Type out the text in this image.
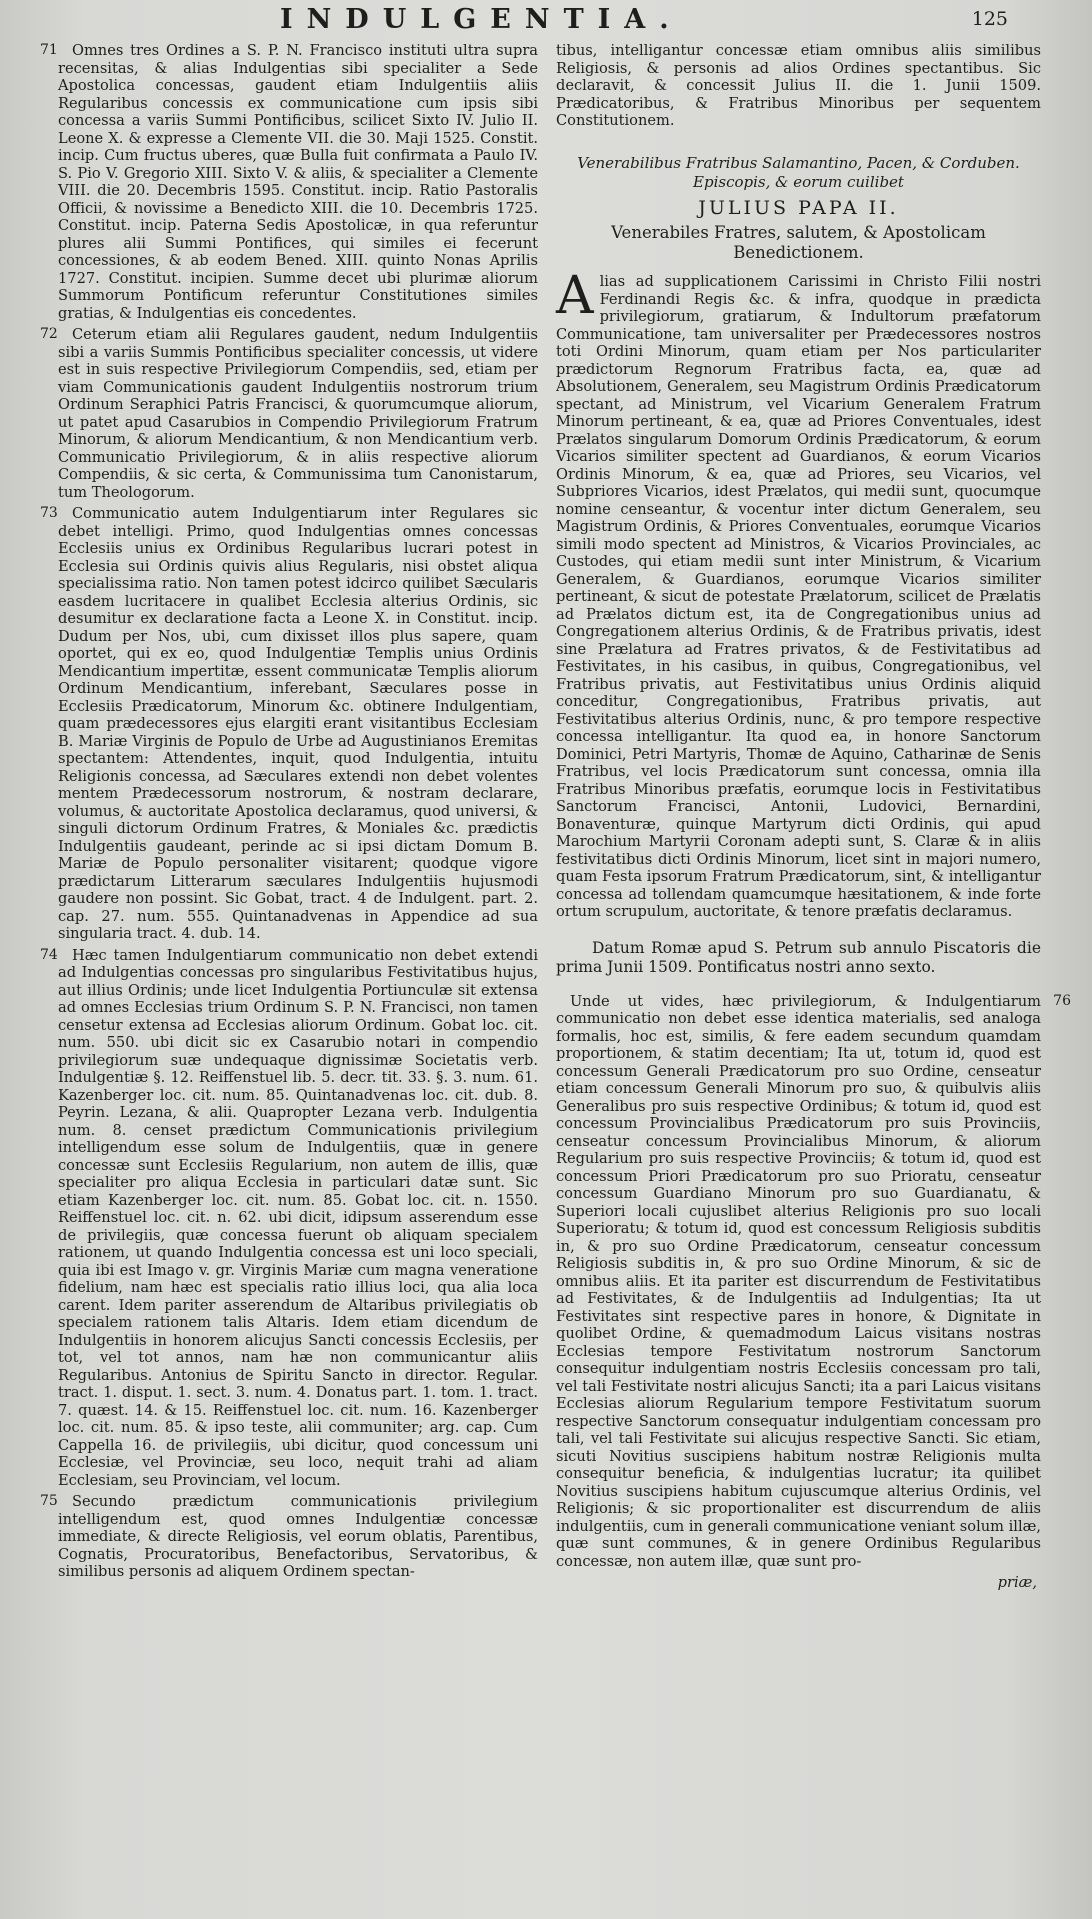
INDULGENTIA.	125

71 Omnes tres Ordines a S. P. N. Francisco instituti ultra supra recensitas, & alias Indulgentias sibi specialiter a Sede Apostolica concessas, gaudent etiam Indulgentiis aliis Regularibus concessis ex communicatione cum ipsis sibi concessa a variis Summi Pontificibus, scilicet Sixto IV. Julio II. Leone X. & expresse a Clemente VII. die 30. Maji 1525. Constit. incip. Cum fructus uberes, quæ Bulla fuit confirmata a Paulo IV. S. Pio V. Gregorio XIII. Sixto V. & aliis, & specialiter a Clemente VIII. die 20. Decembris 1595. Constitut. incip. Ratio Pastoralis Officii, & novissime a Benedicto XIII. die 10. Decembris 1725. Constitut. incip. Paterna Sedis Apostolicæ, in qua referuntur plures alii Summi Pontifices, qui similes ei fecerunt concessiones, & ab eodem Bened. XIII. quinto Nonas Aprilis 1727. Constitut. incipien. Summe decet ubi plurimæ aliorum Summorum Pontificum referuntur Constitutiones similes gratias, & Indulgentias eis concedentes.

72 Ceterum etiam alii Regulares gaudent, nedum Indulgentiis sibi a variis Summis Pontificibus specialiter concessis, ut videre est in suis respective Privilegiorum Compendiis, sed, etiam per viam Communicationis gaudent Indulgentiis nostrorum trium Ordinum Seraphici Patris Francisci, & quorumcumque aliorum, ut patet apud Casarubios in Compendio Privilegiorum Fratrum Minorum, & aliorum Mendicantium, & non Mendicantium verb. Communicatio Privilegiorum, & in aliis respective aliorum Compendiis, & sic certa, & Communissima tum Canonistarum, tum Theologorum.

73 Communicatio autem Indulgentiarum inter Regulares sic debet intelligi. Primo, quod Indulgentias omnes concessas Ecclesiis unius ex Ordinibus Regularibus lucrari potest in Ecclesia sui Ordinis quivis alius Regularis, nisi obstet aliqua specialissima ratio. Non tamen potest idcirco quilibet Sæcularis easdem lucritacere in qualibet Ecclesia alterius Ordinis, sic desumitur ex declaratione facta a Leone X. in Constitut. incip. Dudum per Nos, ubi, cum dixisset illos plus sapere, quam oportet, qui ex eo, quod Indulgentiæ Templis unius Ordinis Mendicantium impertitæ, essent communicatæ Templis aliorum Ordinum Mendicantium, inferebant, Sæculares posse in Ecclesiis Prædicatorum, Minorum &c. obtinere Indulgentiam, quam prædecessores ejus elargiti erant visitantibus Ecclesiam B. Mariæ Virginis de Populo de Urbe ad Augustinianos Eremitas spectantem: Attendentes, inquit, quod Indulgentia, intuitu Religionis concessa, ad Sæculares extendi non debet volentes mentem Prædecessorum nostrorum, & nostram declarare, volumus, & auctoritate Apostolica declaramus, quod universi, & singuli dictorum Ordinum Fratres, & Moniales &c. prædictis Indulgentiis gaudeant, perinde ac si ipsi dictam Domum B. Mariæ de Populo personaliter visitarent; quodque vigore prædictarum Litterarum sæculares Indulgentiis hujusmodi gaudere non possint. Sic Gobat, tract. 4 de Indulgent. part. 2. cap. 27. num. 555. Quintanadvenas in Appendice ad sua singularia tract. 4. dub. 14.

74 Hæc tamen Indulgentiarum communicatio non debet extendi ad Indulgentias concessas pro singularibus Festivitatibus hujus, aut illius Ordinis; unde licet Indulgentia Portiunculæ sit extensa ad omnes Ecclesias trium Ordinum S. P. N. Francisci, non tamen censetur extensa ad Ecclesias aliorum Ordinum. Gobat loc. cit. num. 550. ubi dicit sic ex Casarubio notari in compendio privilegiorum suæ undequaque dignissimæ Societatis verb. Indulgentiæ §. 12. Reiffenstuel lib. 5. decr. tit. 33. §. 3. num. 61. Kazenberger loc. cit. num. 85. Quintanadvenas loc. cit. dub. 8. Peyrin. Lezana, & alii. Quapropter Lezana verb. Indulgentia num. 8. censet prædictum Communicationis privilegium intelligendum esse solum de Indulgentiis, quæ in genere concessæ sunt Ecclesiis Regularium, non autem de illis, quæ specialiter pro aliqua Ecclesia in particulari datæ sunt. Sic etiam Kazenberger loc. cit. num. 85. Gobat loc. cit. n. 1550. Reiffenstuel loc. cit. n. 62. ubi dicit, idipsum asserendum esse de privilegiis, quæ concessa fuerunt ob aliquam specialem rationem, ut quando Indulgentia concessa est uni loco speciali, quia ibi est Imago v. gr. Virginis Mariæ cum magna veneratione fidelium, nam hæc est specialis ratio illius loci, qua alia loca carent. Idem pariter asserendum de Altaribus privilegiatis ob specialem rationem talis Altaris. Idem etiam dicendum de Indulgentiis in honorem alicujus Sancti concessis Ecclesiis, per tot, vel tot annos, nam hæ non communicantur aliis Regularibus. Antonius de Spiritu Sancto in director. Regular. tract. 1. disput. 1. sect. 3. num. 4. Donatus part. 1. tom. 1. tract. 7. quæst. 14. & 15. Reiffenstuel loc. cit. num. 16. Kazenberger loc. cit. num. 85. & ipso teste, alii communiter; arg. cap. Cum Cappella 16. de privilegiis, ubi dicitur, quod concessum uni Ecclesiæ, vel Provinciæ, seu loco, nequit trahi ad aliam Ecclesiam, seu Provinciam, vel locum.

75 Secundo prædictum communicationis privilegium intelligendum est, quod omnes Indulgentiæ concessæ immediate, & directe Religiosis, vel eorum oblatis, Parentibus, Cognatis, Procuratoribus, Benefactoribus, Servatoribus, & similibus personis ad aliquem Ordinem spectan-

tibus, intelligantur concessæ etiam omnibus aliis similibus Religiosis, & personis ad alios Ordines spectantibus. Sic declaravit, & concessit Julius II. die 1. Junii 1509. Prædicatoribus, & Fratribus Minoribus per sequentem Constitutionem.

Venerabilibus Fratribus Salamantino, Pacen, & Corduben. Episcopis, & eorum cuilibet
JULIUS PAPA II.
Venerabiles Fratres, salutem, & Apostolicam Benedictionem.

A lias ad supplicationem Carissimi in Christo Filii nostri Ferdinandi Regis &c. & infra, quodque in prædicta privilegiorum, gratiarum, & Indultorum præfatorum Communicatione, tam universaliter per Prædecessores nostros toti Ordini Minorum, quam etiam per Nos particulariter prædictorum Regnorum Fratribus facta, ea, quæ ad Absolutionem, Generalem, seu Magistrum Ordinis Prædicatorum spectant, ad Ministrum, vel Vicarium Generalem Fratrum Minorum pertineant, & ea, quæ ad Priores Conventuales, idest Prælatos singularum Domorum Ordinis Prædicatorum, & eorum Vicarios similiter spectent ad Guardianos, & eorum Vicarios Ordinis Minorum, & ea, quæ ad Priores, seu Vicarios, vel Subpriores Vicarios, idest Prælatos, qui medii sunt, quocumque nomine censeantur, & vocentur inter dictum Generalem, seu Magistrum Ordinis, & Priores Conventuales, eorumque Vicarios simili modo spectent ad Ministros, & Vicarios Provinciales, ac Custodes, qui etiam medii sunt inter Ministrum, & Vicarium Generalem, & Guardianos, eorumque Vicarios similiter pertineant, & sicut de potestate Prælatorum, scilicet de Prælatis ad Prælatos dictum est, ita de Congregationibus unius ad Congregationem alterius Ordinis, & de Fratribus privatis, idest sine Prælatura ad Fratres privatos, & de Festivitatibus ad Festivitates, in his casibus, in quibus, Congregationibus, vel Fratribus privatis, aut Festivitatibus unius Ordinis aliquid conceditur, Congregationibus, Fratribus privatis, aut Festivitatibus alterius Ordinis, nunc, & pro tempore respective concessa intelligantur. Ita quod ea, in honore Sanctorum Dominici, Petri Martyris, Thomæ de Aquino, Catharinæ de Senis Fratribus, vel locis Prædicatorum sunt concessa, omnia illa Fratribus Minoribus præfatis, eorumque locis in Festivitatibus Sanctorum Francisci, Antonii, Ludovici, Bernardini, Bonaventuræ, quinque Martyrum dicti Ordinis, qui apud Marochium Martyrii Coronam adepti sunt, S. Claræ & in aliis festivitatibus dicti Ordinis Minorum, licet sint in majori numero, quam Festa ipsorum Fratrum Prædicatorum, sint, & intelligantur concessa ad tollendam quamcumque hæsitationem, & inde forte ortum scrupulum, auctoritate, & tenore præfatis declaramus.

Datum Romæ apud S. Petrum sub annulo Piscatoris die prima Junii 1509. Pontificatus nostri anno sexto.

76
Unde ut vides, hæc privilegiorum, & Indulgentiarum communicatio non debet esse identica materialis, sed analoga formalis, hoc est, similis, & fere eadem secundum quamdam proportionem, & statim decentiam; Ita ut, totum id, quod est concessum Generali Prædicatorum pro suo Ordine, censeatur etiam concessum Generali Minorum pro suo, & quibulvis aliis Generalibus pro suis respective Ordinibus; & totum id, quod est concessum Provincialibus Prædicatorum pro suis Provinciis, censeatur concessum Provincialibus Minorum, & aliorum Regularium pro suis respective Provinciis; & totum id, quod est concessum Priori Prædicatorum pro suo Prioratu, censeatur concessum Guardiano Minorum pro suo Guardianatu, & Superiori locali cujuslibet alterius Religionis pro suo locali Superioratu; & totum id, quod est concessum Religiosis subditis in, & pro suo Ordine Prædicatorum, censeatur concessum Religiosis subditis in, & pro suo Ordine Minorum, & sic de omnibus aliis. Et ita pariter est discurrendum de Festivitatibus ad Festivitates, & de Indulgentiis ad Indulgentias; Ita ut Festivitates sint respective pares in honore, & Dignitate in quolibet Ordine, & quemadmodum Laicus visitans nostras Ecclesias tempore Festivitatum nostrorum Sanctorum consequitur indulgentiam nostris Ecclesiis concessam pro tali, vel tali Festivitate nostri alicujus Sancti; ita a pari Laicus visitans Ecclesias aliorum Regularium tempore Festivitatum suorum respective Sanctorum consequatur indulgentiam concessam pro tali, vel tali Festivitate sui alicujus respective Sancti. Sic etiam, sicuti Novitius suscipiens habitum nostræ Religionis multa consequitur beneficia, & indulgentias lucratur; ita quilibet Novitius suscipiens habitum cujuscumque alterius Ordinis, vel Religionis; & sic proportionaliter est discurrendum de aliis indulgentiis, cum in generali communicatione veniant solum illæ, quæ sunt communes, & in genere Ordinibus Regularibus concessæ, non autem illæ, quæ sunt pro-

priæ,
